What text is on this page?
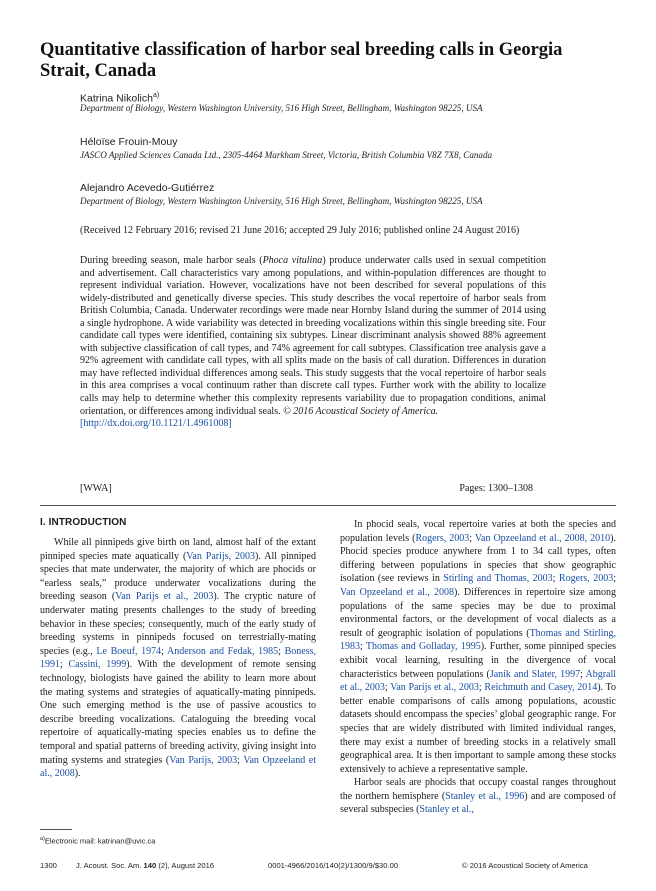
Quantitative classification of harbor seal breeding calls in Georgia Strait, Canada
Katrina Nikolich$^{a)}$
Department of Biology, Western Washington University, 516 High Street, Bellingham, Washington 98225, USA
Héloïse Frouin-Mouy
JASCO Applied Sciences Canada Ltd., 2305-4464 Markham Street, Victoria, British Columbia V8Z 7X8, Canada
Alejandro Acevedo-Gutiérrez
Department of Biology, Western Washington University, 516 High Street, Bellingham, Washington 98225, USA
(Received 12 February 2016; revised 21 June 2016; accepted 29 July 2016; published online 24 August 2016)
During breeding season, male harbor seals (Phoca vitulina) produce underwater calls used in sexual competition and advertisement. Call characteristics vary among populations, and within-population differences are thought to represent individual variation. However, vocalizations have not been described for several populations of this widely-distributed and genetically diverse species. This study describes the vocal repertoire of harbor seals from British Columbia, Canada. Underwater recordings were made near Hornby Island during the summer of 2014 using a single hydrophone. A wide variability was detected in breeding vocalizations within this single breeding site. Four candidate call types were identified, containing six subtypes. Linear discriminant analysis showed 88% agreement with subjective classification of call types, and 74% agreement for call subtypes. Classification tree analysis gave a 92% agreement with candidate call types, with all splits made on the basis of call duration. Differences in duration may have reflected individual differences among seals. This study suggests that the vocal repertoire of harbor seals in this area comprises a vocal continuum rather than discrete call types. Further work with the ability to localize calls may help to determine whether this complexity represents variability due to propagation conditions, animal orientation, or differences among individual seals. © 2016 Acoustical Society of America.
[http://dx.doi.org/10.1121/1.4961008]
[WWA]	Pages: 1300–1308
I. INTRODUCTION

While all pinnipeds give birth on land, almost half of the extant pinniped species mate aquatically (Van Parijs, 2003). All pinniped species that mate underwater, the majority of which are phocids or “earless seals,” produce underwater vocalizations during the breeding season (Van Parijs et al., 2003). The cryptic nature of underwater mating presents challenges to the study of breeding behavior in these species; consequently, much of the early study of breeding systems in pinnipeds focused on terrestrially-mating species (e.g., Le Boeuf, 1974; Anderson and Fedak, 1985; Boness, 1991; Cassini, 1999). With the development of remote sensing technology, biologists have gained the ability to learn more about the mating systems and strategies of aquatically-mating pinnipeds. One such emerging method is the use of passive acoustics to describe breeding vocalizations. Cataloguing the breeding vocal repertoire of aquatically-mating species enables us to define the temporal and spatial patterns of breeding activity, giving insight into mating systems and strategies (Van Parijs, 2003; Van Opzeeland et al., 2008).

In phocid seals, vocal repertoire varies at both the species and population levels (Rogers, 2003; Van Opzeeland et al., 2008, 2010). Phocid species produce anywhere from 1 to 34 call types, often differing between populations in species that show geographic isolation (see reviews in Stirling and Thomas, 2003; Rogers, 2003; Van Opzeeland et al., 2008). Differences in repertoire size among populations of the same species may be due to proximal environmental factors, or the development of vocal dialects as a result of geographic isolation of populations (Thomas and Stirling, 1983; Thomas and Golladay, 1995). Further, some pinniped species exhibit vocal learning, resulting in the divergence of vocal characteristics between populations (Janik and Slater, 1997; Abgrall et al., 2003; Van Parijs et al., 2003; Reichmuth and Casey, 2014). To better enable comparisons of calls among populations, acoustic datasets should encompass the species’ global geographic range. For species that are widely distributed with limited individual ranges, there may exist a number of breeding stocks in a relatively small geographical area. It is then important to sample among these stocks extensively to achieve a representative sample.

Harbor seals are phocids that occupy coastal ranges throughout the northern hemisphere (Stanley et al., 1996) and are composed of several subspecies (Stanley et al.,

$^{a)}$Electronic mail: katrinan@uvic.ca
1300	J. Acoust. Soc. Am. 140 (2), August 2016	0001-4966/2016/140(2)/1300/9/$30.00	© 2016 Acoustical Society of America
